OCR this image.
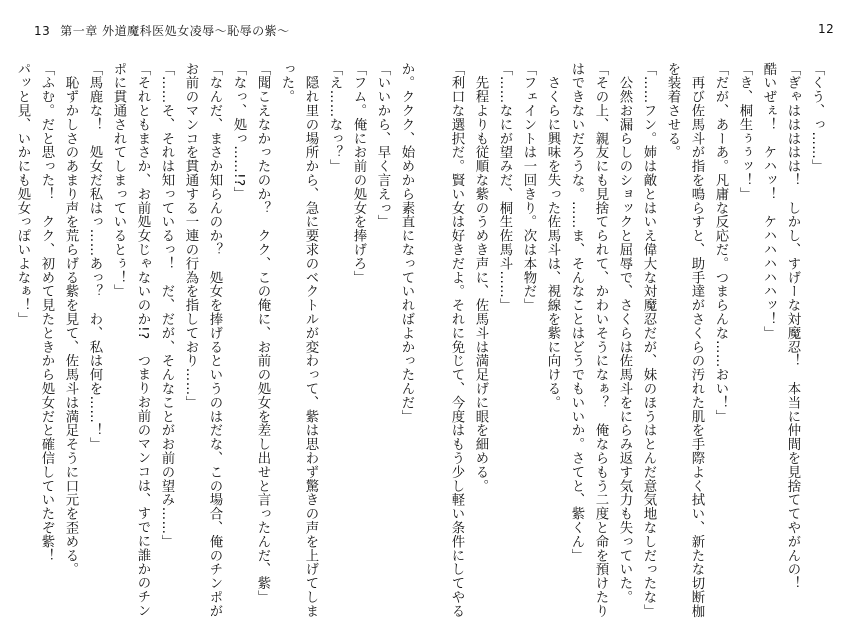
13 第一章 外道魔科医処女凌辱～恥辱の紫～	12
か。ククク、始めから素直になっていればよかったんだ」
「いいから、早く言えっ」
「フム。俺にお前の処女を捧げろ」
「え……なっ？」
　隠れ里の場所から、急に要求のベクトルが変わって、紫は思わず驚きの声を上げてしま
った。
「聞こえなかったのか？　クク、この俺に、お前の処女を差し出せと言ったんだ、紫」
「なっ、処っ……!?」
「なんだ、まさか知らんのか？　処女を捧げるというのはだな、この場合、俺のチンポが
お前のマンコを貫通する一連の行為を指しており……」
「……そ、それは知っているっ！　だ、だが、そんなことがお前の望み……」
「それともまさか、お前処女じゃないのか!?　つまりお前のマンコは、すでに誰かのチン
ポに貫通されてしまっているとぅ！」
「馬鹿な！　処女だ私はっ……あっ？　わ、私は何を……！」
　恥ずかしさのあまり声を荒らげる紫を見て、佐馬斗は満足そうに口元を歪める。
「ふむ。だと思った！　クク、初めて見たときから処女だと確信していたぞ紫！
パッと見、いかにも処女っぽいよなぁ！」	「くう、っ……」
「ぎゃははははは！　しかし、すげーな対魔忍！　本当に仲間を見捨ててやがんの！
酷いぜぇ！　ケハッ！　ケハハハハハッ！」
「き、桐生ぅぅッ！」
「だが、あーあ。凡庸な反応だ。つまらんな……おい！」
　再び佐馬斗が指を鳴らすと、助手達がさくらの汚れた肌を手際よく拭い、新たな切断枷
を装着させる。
「……フン。姉は敵とはいえ偉大な対魔忍だが、妹のほうはとんだ意気地なしだったな」
　公然お漏らしのショックと屈辱で、さくらは佐馬斗をにらみ返す気力も失っていた。
「その上、親友にも見捨てられて、かわいそうになぁ？　俺ならもう二度と命を預けたり
はできないだろうな。……ま、そんなことはどうでもいいか。さてと、紫くん」
　さくらに興味を失った佐馬斗は、視線を紫に向ける。
「フェイントは一回きり。次は本物だ」
「……なにが望みだ、桐生佐馬斗……」
　先程よりも従順な紫のうめき声に、佐馬斗は満足げに眼を細める。
「利口な選択だ。賢い女は好きだよ。それに免じて、今度はもう少し軽い条件にしてやる
